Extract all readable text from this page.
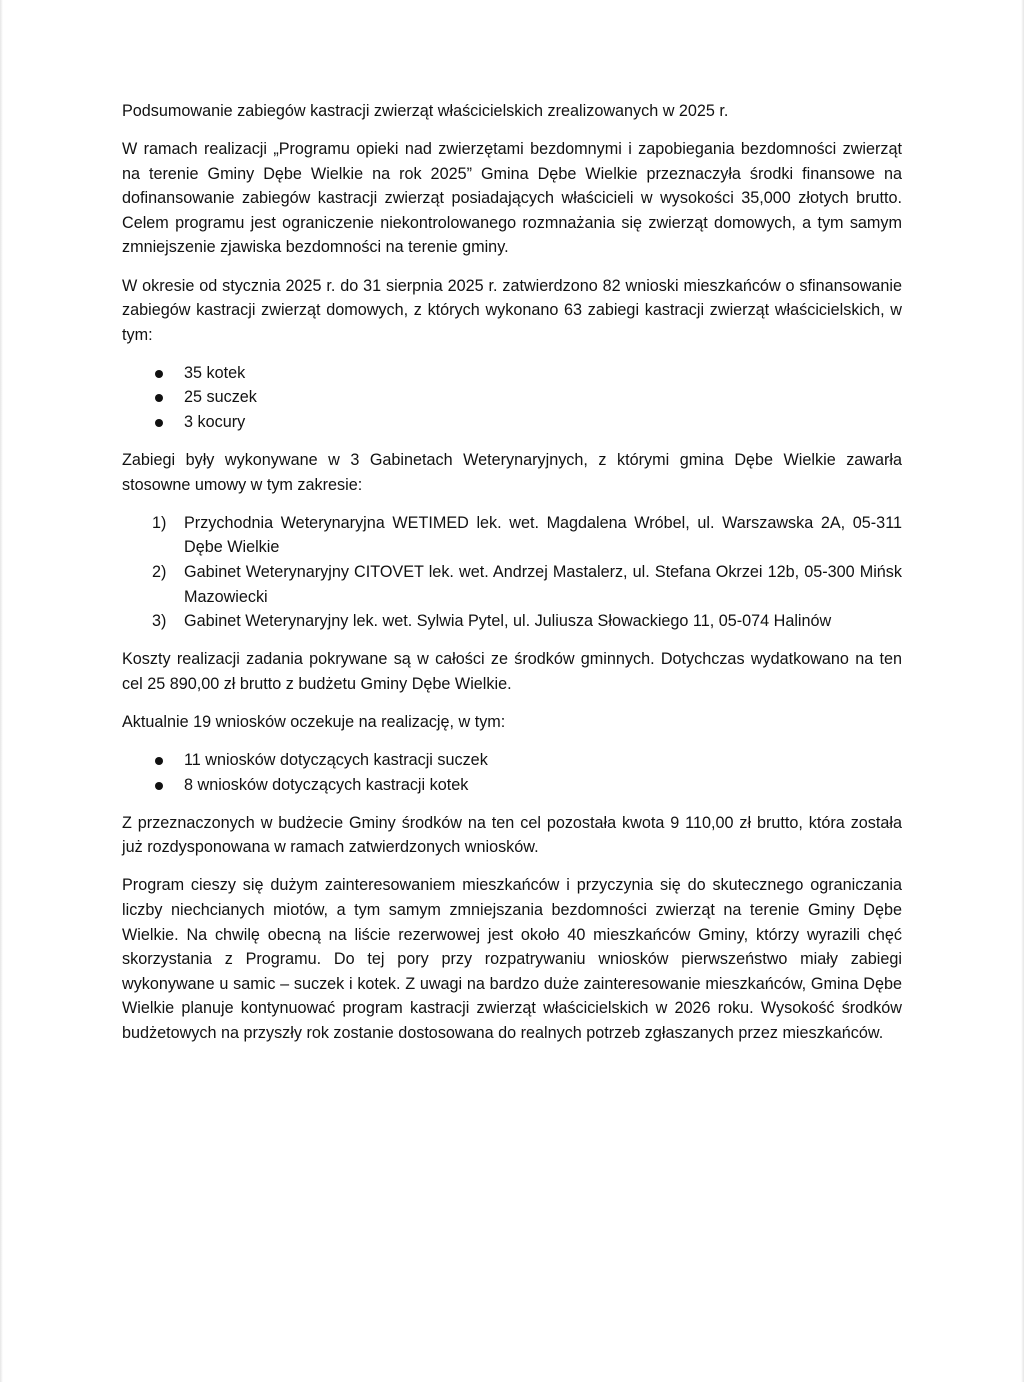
Podsumowanie zabiegów kastracji zwierząt właścicielskich zrealizowanych w 2025 r.

W ramach realizacji „Programu opieki nad zwierzętami bezdomnymi i zapobiegania bezdomności zwierząt na terenie Gminy Dębe Wielkie na rok 2025” Gmina Dębe Wielkie przeznaczyła środki finansowe na dofinansowanie zabiegów kastracji zwierząt posiadających właścicieli w wysokości 35,000 złotych brutto. Celem programu jest ograniczenie niekontrolowanego rozmnażania się zwierząt domowych, a tym samym zmniejszenie zjawiska bezdomności na terenie gminy.

W okresie od stycznia 2025 r. do 31 sierpnia 2025 r. zatwierdzono 82 wnioski mieszkańców o sfinansowanie zabiegów kastracji zwierząt domowych, z których wykonano 63 zabiegi kastracji zwierząt właścicielskich, w tym:

35 kotek
25 suczek
3 kocury

Zabiegi były wykonywane w 3 Gabinetach Weterynaryjnych, z którymi gmina Dębe Wielkie zawarła stosowne umowy w tym zakresie:

1) Przychodnia Weterynaryjna WETIMED lek. wet. Magdalena Wróbel, ul. Warszawska 2A, 05-311 Dębe Wielkie
2) Gabinet Weterynaryjny CITOVET lek. wet. Andrzej Mastalerz, ul. Stefana Okrzei 12b, 05-300 Mińsk Mazowiecki
3) Gabinet Weterynaryjny lek. wet. Sylwia Pytel, ul. Juliusza Słowackiego 11, 05-074 Halinów

Koszty realizacji zadania pokrywane są w całości ze środków gminnych. Dotychczas wydatkowano na ten cel 25 890,00 zł brutto z budżetu Gminy Dębe Wielkie.

Aktualnie 19 wniosków oczekuje na realizację, w tym:

11 wniosków dotyczących kastracji suczek
8 wniosków dotyczących kastracji kotek

Z przeznaczonych w budżecie Gminy środków na ten cel pozostała kwota 9 110,00 zł brutto, która została już rozdysponowana w ramach zatwierdzonych wniosków.

Program cieszy się dużym zainteresowaniem mieszkańców i przyczynia się do skutecznego ograniczania liczby niechcianych miotów, a tym samym zmniejszania bezdomności zwierząt na terenie Gminy Dębe Wielkie. Na chwilę obecną na liście rezerwowej jest około 40 mieszkańców Gminy, którzy wyrazili chęć skorzystania z Programu. Do tej pory przy rozpatrywaniu wniosków pierwszeństwo miały zabiegi wykonywane u samic – suczek i kotek. Z uwagi na bardzo duże zainteresowanie mieszkańców, Gmina Dębe Wielkie planuje kontynuować program kastracji zwierząt właścicielskich w 2026 roku. Wysokość środków budżetowych na przyszły rok zostanie dostosowana do realnych potrzeb zgłaszanych przez mieszkańców.
